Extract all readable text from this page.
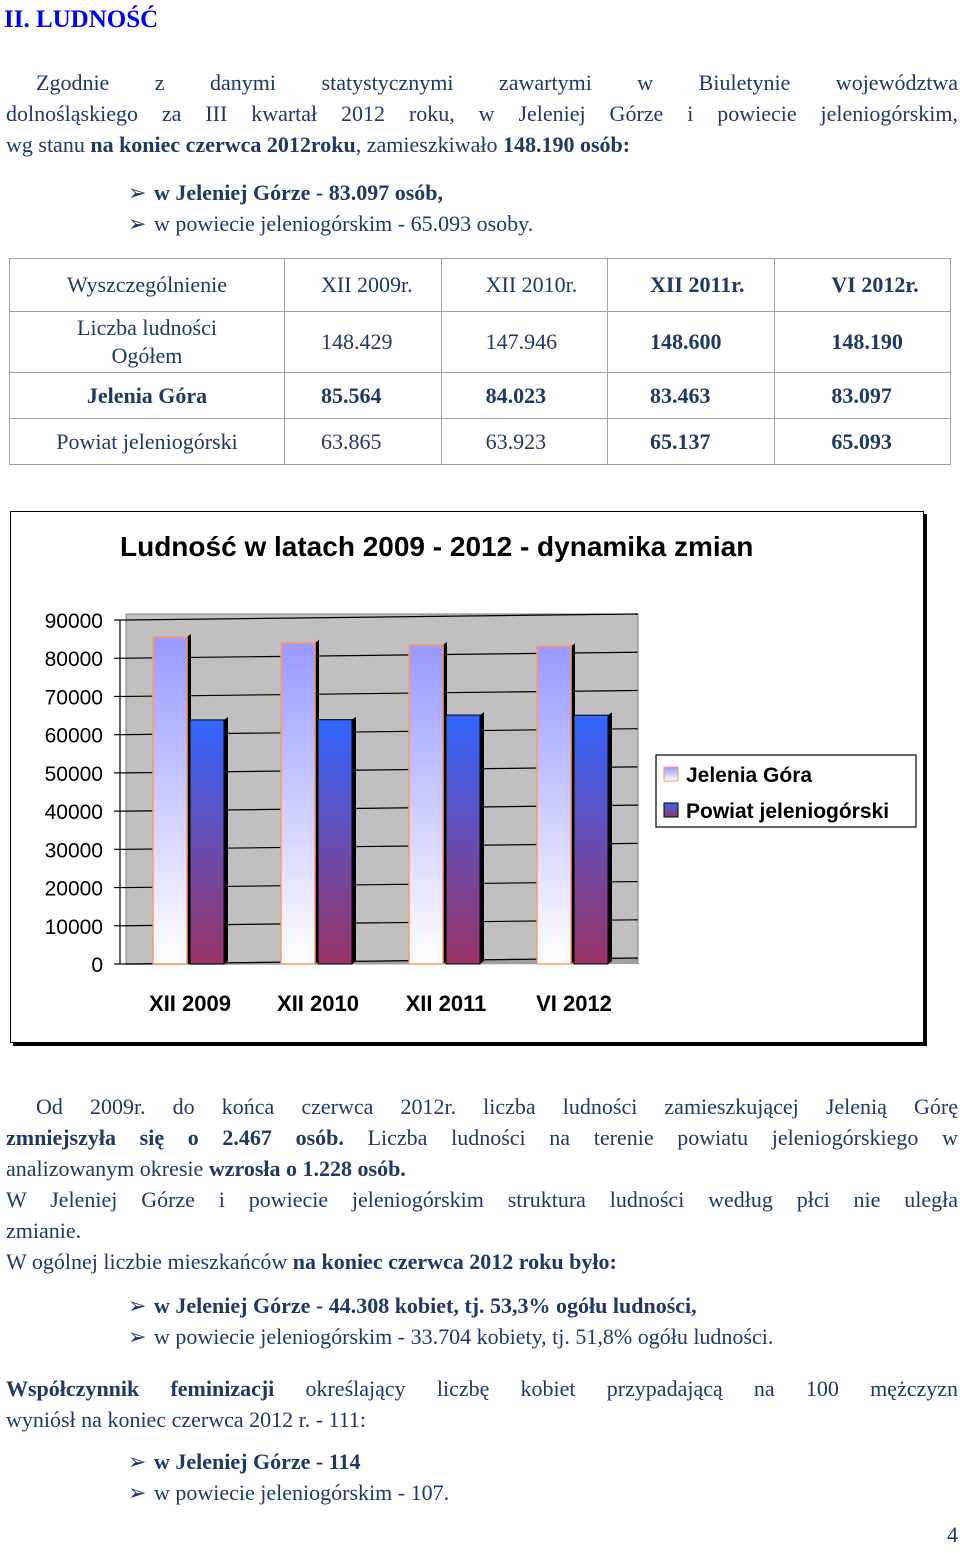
II. LUDNOŚĆ
Zgodnie z danymi statystycznymi zawartymi w Biuletynie województwa
dolnośląskiego za III kwartał 2012 roku, w Jeleniej Górze i powiecie jeleniogórskim,
wg stanu na koniec czerwca 2012roku, zamieszkiwało 148.190 osób:
➢ w Jeleniej Górze - 83.097 osób,
➢ w powiecie jeleniogórskim - 65.093 osoby.
Wyszczególnienie	XII 2009r.	XII 2010r.	XII 2011r.	VI 2012r.
Liczba ludności
Ogółem	148.429	147.946	148.600	148.190
Jelenia Góra	85.564	84.023	83.463	83.097
Powiat jeleniogórski	63.865	63.923	65.137	65.093
Ludność w latach 2009 - 2012 - dynamika zmian
0
10000
20000
30000
40000
50000
60000
70000
80000
90000
XII 2009 XII 2010 XII 2011 VI 2012
Jelenia Góra
Powiat jeleniogórski
Od 2009r. do końca czerwca 2012r. liczba ludności zamieszkującej Jelenią Górę
zmniejszyła się o 2.467 osób. Liczba ludności na terenie powiatu jeleniogórskiego w
analizowanym okresie wzrosła o 1.228 osób.
W Jeleniej Górze i powiecie jeleniogórskim struktura ludności według płci nie uległa
zmianie.
W ogólnej liczbie mieszkańców na koniec czerwca 2012 roku było:
➢ w Jeleniej Górze - 44.308 kobiet, tj. 53,3% ogółu ludności,
➢ w powiecie jeleniogórskim - 33.704 kobiety, tj. 51,8% ogółu ludności.
Współczynnik feminizacji określający liczbę kobiet przypadającą na 100 mężczyzn
wyniósł na koniec czerwca 2012 r. - 111:
➢ w Jeleniej Górze - 114
➢ w powiecie jeleniogórskim - 107.
4
